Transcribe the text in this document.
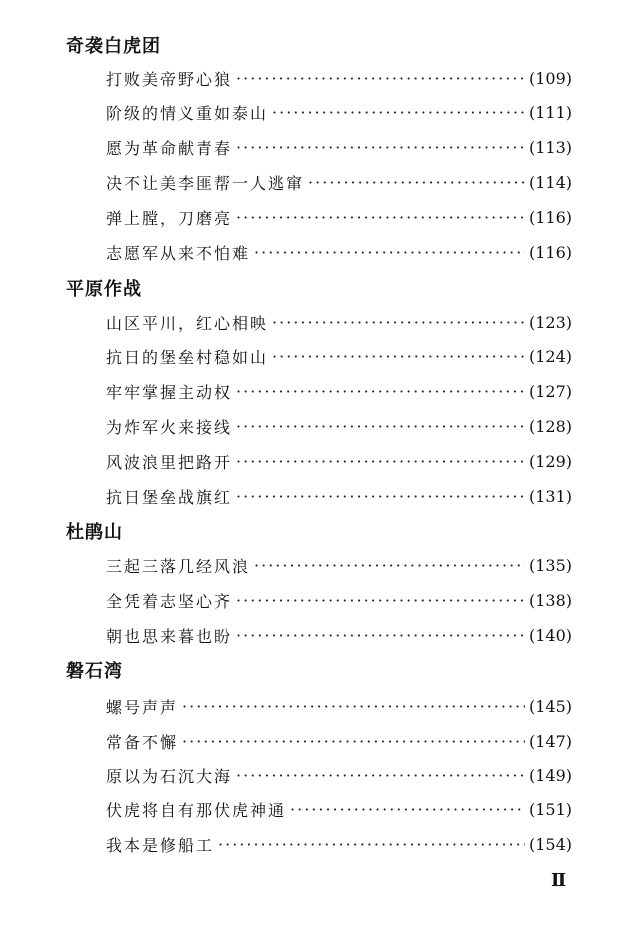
奇袭白虎团
打败美帝野心狼 ·····	(109)
阶级的情义重如泰山 ·····	(111)
愿为革命献青春 ·····	(113)
决不让美李匪帮一人逃窜 ·····	(114)
弹上膛，刀磨亮 ·····	(116)
志愿军从来不怕难 ·····	(116)
平原作战
山区平川，红心相映 ·····	(123)
抗日的堡垒村稳如山 ·····	(124)
牢牢掌握主动权 ·····	(127)
为炸军火来接线 ·····	(128)
风波浪里把路开 ·····	(129)
抗日堡垒战旗红 ·····	(131)
杜鹃山
三起三落几经风浪 ·····	(135)
全凭着志坚心齐 ·····	(138)
朝也思来暮也盼 ·····	(140)
磐石湾
螺号声声 ·····	(145)
常备不懈 ·····	(147)
原以为石沉大海 ·····	(149)
伏虎将自有那伏虎神通 ·····	(151)
我本是修船工 ·····	(154)
Ⅱ
